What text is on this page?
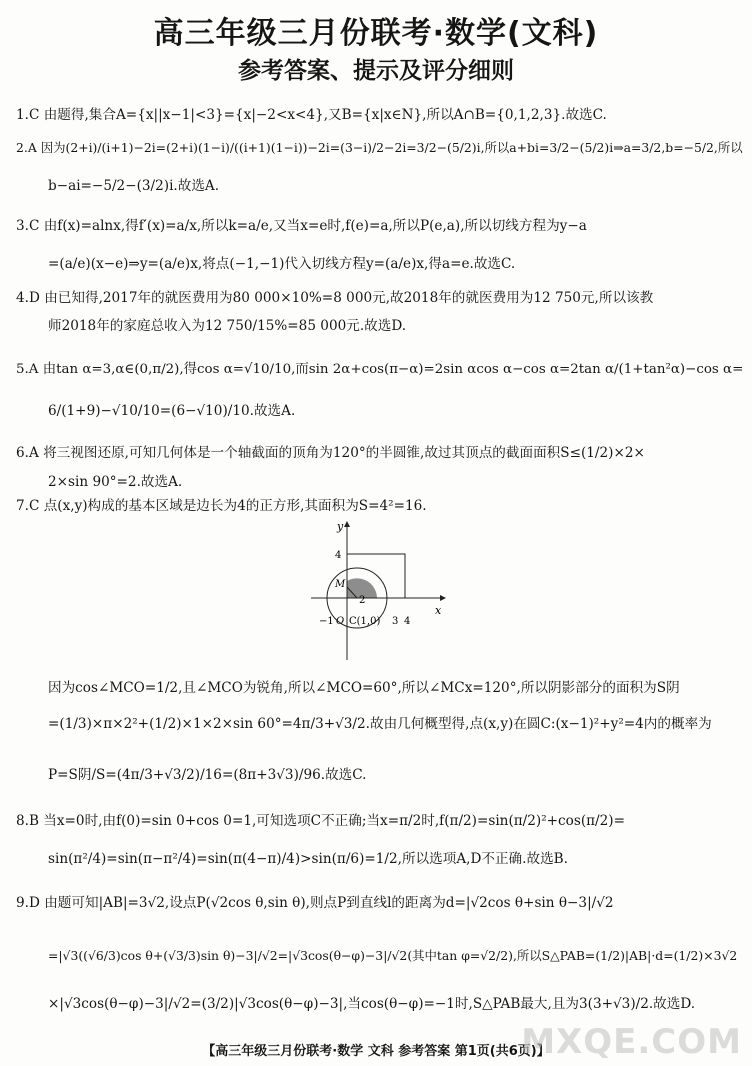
高三年级三月份联考·数学(文科)
参考答案、提示及评分细则
1.C 由题得,集合A={x||x−1|<3}={x|−2<x<4},又B={x|x∈N},所以A∩B={0,1,2,3}.故选C.
2.A 因为(2+i)/(i+1)−2i=(2+i)(1−i)/((i+1)(1−i))−2i=(3−i)/2−2i=3/2−(5/2)i,所以a+bi=3/2−(5/2)i⇒a=3/2,b=−5/2,所以
b−ai=−5/2−(3/2)i.故选A.
3.C 由f(x)=alnx,得f′(x)=a/x,所以k=a/e,又当x=e时,f(e)=a,所以P(e,a),所以切线方程为y−a
=(a/e)(x−e)⇒y=(a/e)x,将点(−1,−1)代入切线方程y=(a/e)x,得a=e.故选C.
4.D 由已知得,2017年的就医费用为80 000×10%=8 000元,故2018年的就医费用为12 750元,所以该教
师2018年的家庭总收入为12 750/15%=85 000元.故选D.
5.A 由tan α=3,α∈(0,π/2),得cos α=√10/10,而sin 2α+cos(π−α)=2sin αcos α−cos α=2tan α/(1+tan²α)−cos α=
6/(1+9)−√10/10=(6−√10)/10.故选A.
6.A 将三视图还原,可知几何体是一个轴截面的顶角为120°的半圆锥,故过其顶点的截面面积S≤(1/2)×2×
2×sin 90°=2.故选A.
7.C 点(x,y)构成的基本区域是边长为4的正方形,其面积为S=4²=16.
y
x
4
M
2
−1 O C(1,0) 3 4
因为cos∠MCO=1/2,且∠MCO为锐角,所以∠MCO=60°,所以∠MCx=120°,所以阴影部分的面积为S阴
=(1/3)×π×2²+(1/2)×1×2×sin 60°=4π/3+√3/2.故由几何概型得,点(x,y)在圆C:(x−1)²+y²=4内的概率为
P=S阴/S=(4π/3+√3/2)/16=(8π+3√3)/96.故选C.
8.B 当x=0时,由f(0)=sin 0+cos 0=1,可知选项C不正确;当x=π/2时,f(π/2)=sin(π/2)²+cos(π/2)=
sin(π²/4)=sin(π−π²/4)=sin(π(4−π)/4)>sin(π/6)=1/2,所以选项A,D不正确.故选B.
9.D 由题可知|AB|=3√2,设点P(√2cos θ,sin θ),则点P到直线l的距离为d=|√2cos θ+sin θ−3|/√2
=|√3((√6/3)cos θ+(√3/3)sin θ)−3|/√2=|√3cos(θ−φ)−3|/√2(其中tan φ=√2/2),所以S△PAB=(1/2)|AB|·d=(1/2)×3√2
×|√3cos(θ−φ)−3|/√2=(3/2)|√3cos(θ−φ)−3|,当cos(θ−φ)=−1时,S△PAB最大,且为3(3+√3)/2.故选D.
【高三年级三月份联考·数学 文科 参考答案 第1页(共6页)】
MXQE.COM
